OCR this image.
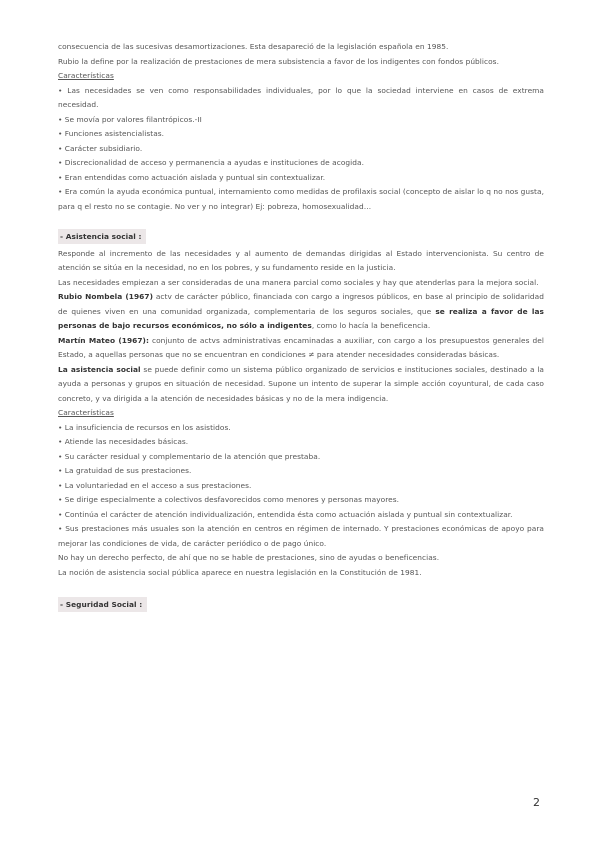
consecuencia de las sucesivas desamortizaciones. Esta desapareció de la legislación española en 1985.

Rubio la define por la realización de prestaciones de mera subsistencia a favor de los indigentes con fondos públicos.

Características

• Las necesidades se ven como responsabilidades individuales, por lo que la sociedad interviene en casos de extrema necesidad.

• Se movía por valores filantrópicos.-II

• Funciones asistencialistas.

• Carácter subsidiario.

• Discrecionalidad de acceso y permanencia a ayudas e instituciones de acogida.

• Eran entendidas como actuación aislada y puntual sin contextualizar.

• Era común la ayuda económica puntual, internamiento como medidas de profilaxis social (concepto de aislar lo q no nos gusta, para q el resto no se contagie. No ver y no integrar) Ej: pobreza, homosexualidad…

- Asistencia social :

Responde al incremento de las necesidades y al aumento de demandas dirigidas al Estado intervencionista. Su centro de atención se sitúa en la necesidad, no en los pobres, y su fundamento reside en la justicia.

Las necesidades empiezan a ser consideradas de una manera parcial como sociales y hay que atenderlas para la mejora social.

Rubio Nombela (1967) actv de carácter público, financiada con cargo a ingresos públicos, en base al principio de solidaridad de quienes viven en una comunidad organizada, complementaria de los seguros sociales, que se realiza a favor de las personas de bajo recursos económicos, no sólo a indigentes, como lo hacía la beneficencia.

Martín Mateo (1967): conjunto de actvs administrativas encaminadas a auxiliar, con cargo a los presupuestos generales del Estado, a aquellas personas que no se encuentran en condiciones ≠ para atender necesidades consideradas básicas.

La asistencia social se puede definir como un sistema público organizado de servicios e instituciones sociales, destinado a la ayuda a personas y grupos en situación de necesidad. Supone un intento de superar la simple acción coyuntural, de cada caso concreto, y va dirigida a la atención de necesidades básicas y no de la mera indigencia.

Características

• La insuficiencia de recursos en los asistidos.

• Atiende las necesidades básicas.

• Su carácter residual y complementario de la atención que prestaba.

• La gratuidad de sus prestaciones.

• La voluntariedad en el acceso a sus prestaciones.

• Se dirige especialmente a colectivos desfavorecidos como menores y personas mayores.

• Continúa el carácter de atención individualización, entendida ésta como actuación aislada y puntual sin contextualizar.

• Sus prestaciones más usuales son la atención en centros en régimen de internado. Y prestaciones económicas de apoyo para mejorar las condiciones de vida, de carácter periódico o de pago único.

No hay un derecho perfecto, de ahí que no se hable de prestaciones, sino de ayudas o beneficencias.

La noción de asistencia social pública aparece en nuestra legislación en la Constitución de 1981.

- Seguridad Social :
2
